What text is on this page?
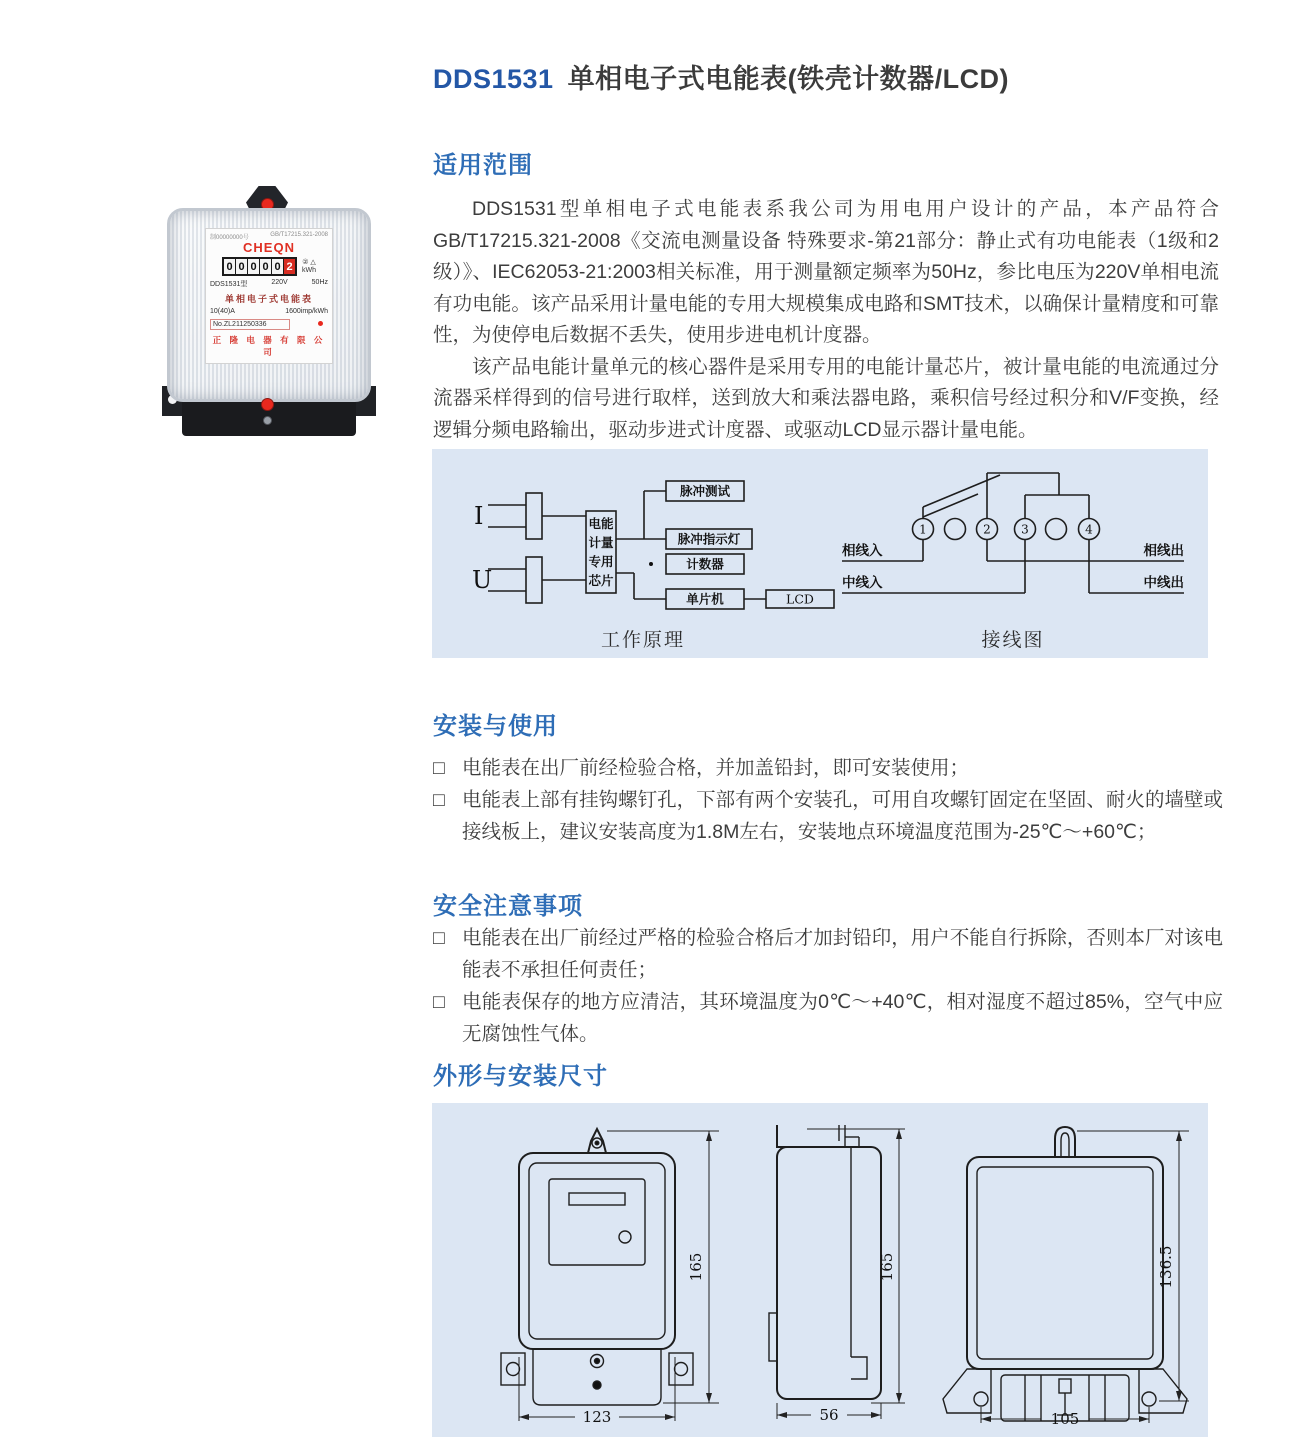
DDS1531 单相电子式电能表(铁壳计数器/LCD)
制00000000号	GB/T17215.321-2008
CHEQN
0 0 0 0 0 2	② △
kWh
DDS1531型	220V	50Hz
单相电子式电能表
10(40)A	1600imp/kWh
No.ZL211250336
正 隆 电 器 有 限 公 司
适用范围

DDS1531型单相电子式电能表系我公司为用电用户设计的产品，本产品符合GB/T17215.321-2008《交流电测量设备 特殊要求-第21部分：静止式有功电能表（1级和2级）》、IEC62053-21:2003相关标准，用于测量额定频率为50Hz，参比电压为220V单相电流有功电能。该产品采用计量电能的专用大规模集成电路和SMT技术，以确保计量精度和可靠性，为使停电后数据不丢失，使用步进电机计度器。

该产品电能计量单元的核心器件是采用专用的电能计量芯片，被计量电能的电流通过分流器采样得到的信号进行取样，送到放大和乘法器电路，乘积信号经过积分和V/F变换，经逻辑分频电路输出，驱动步进式计度器、或驱动LCD显示器计量电能。

I
U
电能
计量
专用
芯片
脉冲测试
脉冲指示灯
计数器
单片机	LCD
工作原理
1	2	3	4
相线入	相线出
中线入	中线出
接线图
安装与使用
□ 电能表在出厂前经检验合格，并加盖铅封，即可安装使用；
□ 电能表上部有挂钩螺钉孔，下部有两个安装孔，可用自攻螺钉固定在坚固、耐火的墙壁或接线板上，建议安装高度为1.8M左右，安装地点环境温度范围为-25℃～+60℃；
安全注意事项
□ 电能表在出厂前经过严格的检验合格后才加封铅印，用户不能自行拆除，否则本厂对该电能表不承担任何责任；
□ 电能表保存的地方应清洁，其环境温度为0℃～+40℃，相对湿度不超过85%，空气中应无腐蚀性气体。
外形与安装尺寸
165
123
165
56
136.5
105
